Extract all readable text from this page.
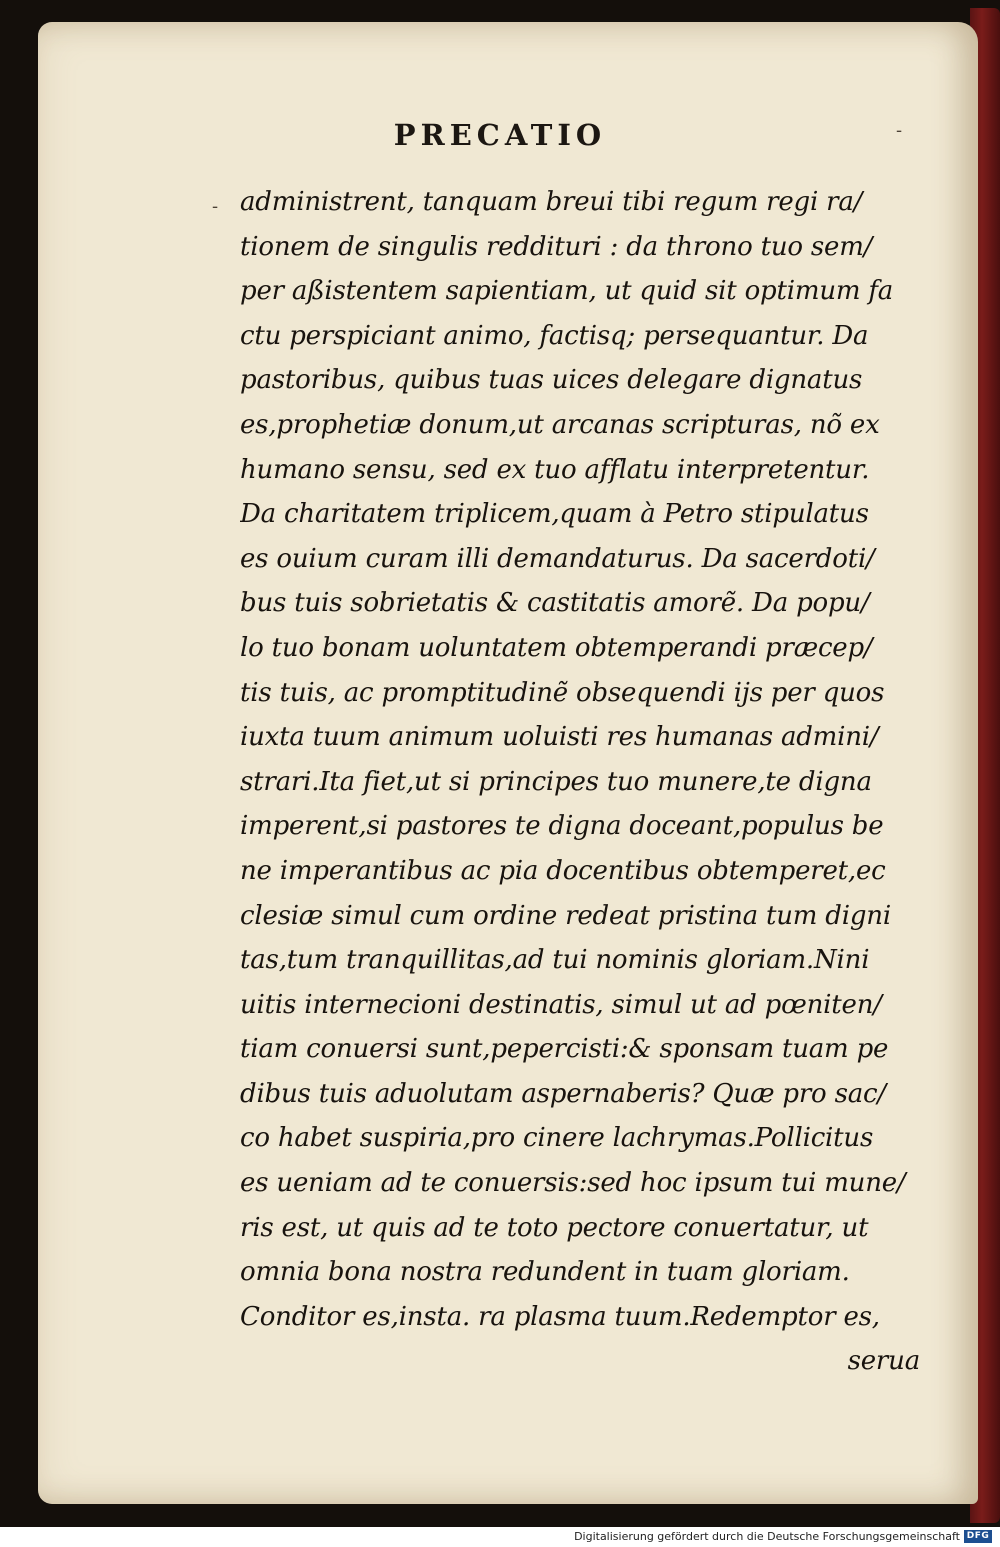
PRECATIO	-
- administrent, tanquam breui tibi regum regi ra/
tionem de singulis reddituri : da throno tuo sem/
per aßistentem sapientiam, ut quid sit optimum fa
ctu perspiciant animo, factisq; persequantur. Da
pastoribus, quibus tuas uices delegare dignatus
es,prophetiæ donum,ut arcanas scripturas, nõ ex
humano sensu, sed ex tuo afflatu interpretentur.
Da charitatem triplicem,quam à Petro stipulatus
es ouium curam illi demandaturus. Da sacerdoti/
bus tuis sobrietatis & castitatis amorẽ. Da popu/
lo tuo bonam uoluntatem obtemperandi præcep/
tis tuis, ac promptitudinẽ obsequendi ijs per quos
iuxta tuum animum uoluisti res humanas admini/
strari.Ita fiet,ut si principes tuo munere,te digna
imperent,si pastores te digna doceant,populus be
ne imperantibus ac pia docentibus obtemperet,ec
clesiæ simul cum ordine redeat pristina tum digni
tas,tum tranquillitas,ad tui nominis gloriam.Nini
uitis internecioni destinatis, simul ut ad pœniten/
tiam conuersi sunt,pepercisti:& sponsam tuam pe
dibus tuis aduolutam aspernaberis? Quæ pro sac/
co habet suspiria,pro cinere lachrymas.Pollicitus
es ueniam ad te conuersis:sed hoc ipsum tui mune/
ris est, ut quis ad te toto pectore conuertatur, ut
omnia bona nostra redundent in tuam gloriam.
Conditor es,insta. ra plasma tuum.Redemptor es,
serua
Digitalisierung gefördert durch die Deutsche Forschungsgemeinschaft DFG
